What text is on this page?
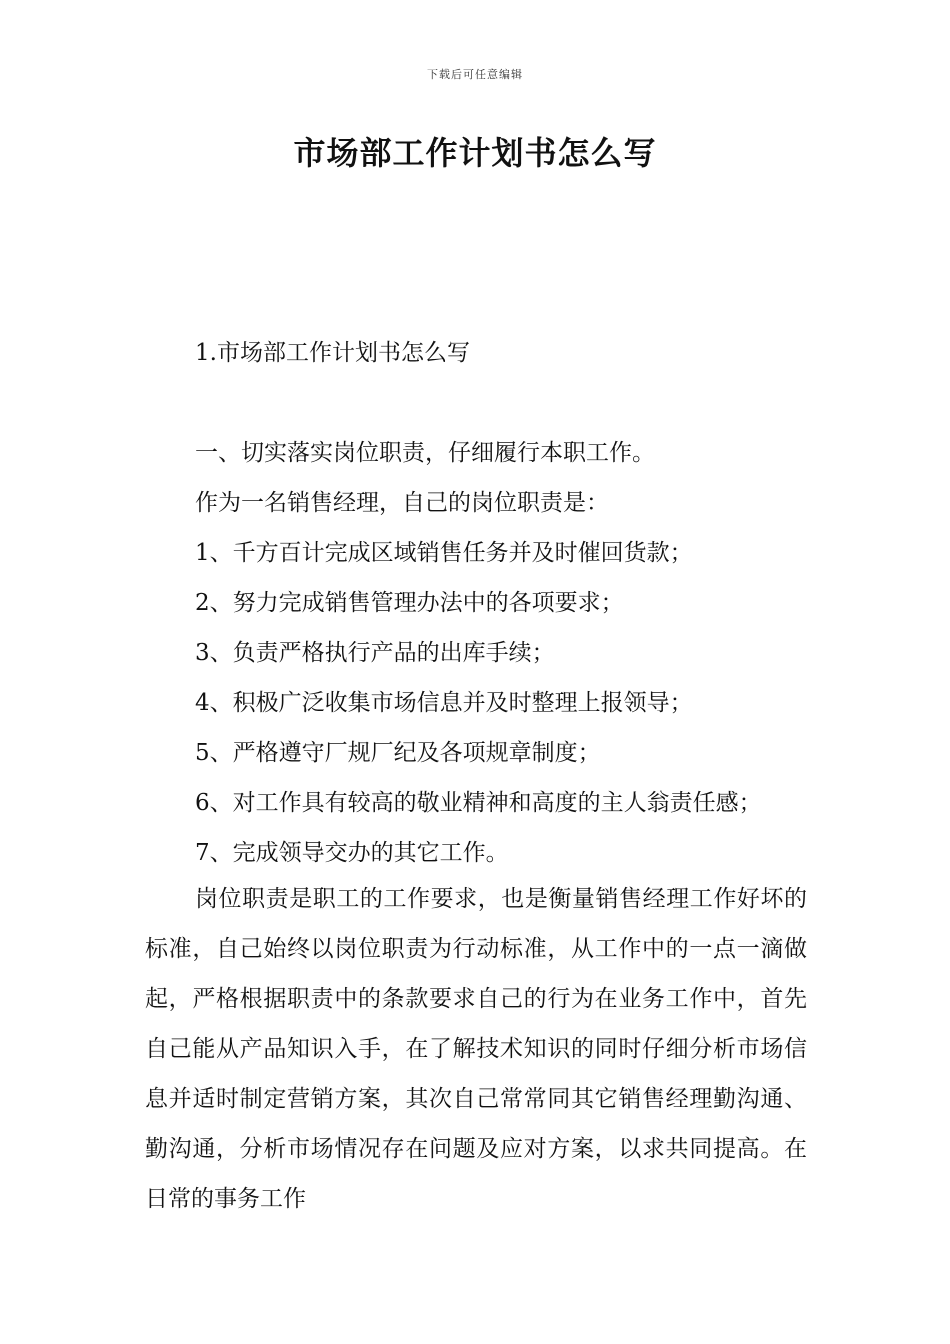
下载后可任意编辑
市场部工作计划书怎么写
1.市场部工作计划书怎么写

一、切实落实岗位职责，仔细履行本职工作。

作为一名销售经理，自己的岗位职责是：

1、千方百计完成区域销售任务并及时催回货款；

2、努力完成销售管理办法中的各项要求；

3、负责严格执行产品的出库手续；

4、积极广泛收集市场信息并及时整理上报领导；

5、严格遵守厂规厂纪及各项规章制度；

6、对工作具有较高的敬业精神和高度的主人翁责任感；

7、完成领导交办的其它工作。

岗位职责是职工的工作要求，也是衡量销售经理工作好坏的标准，自己始终以岗位职责为行动标准，从工作中的一点一滴做起，严格根据职责中的条款要求自己的行为在业务工作中，首先自己能从产品知识入手，在了解技术知识的同时仔细分析市场信息并适时制定营销方案，其次自己常常同其它销售经理勤沟通、勤沟通，分析市场情况存在问题及应对方案，以求共同提高。在日常的事务工作
